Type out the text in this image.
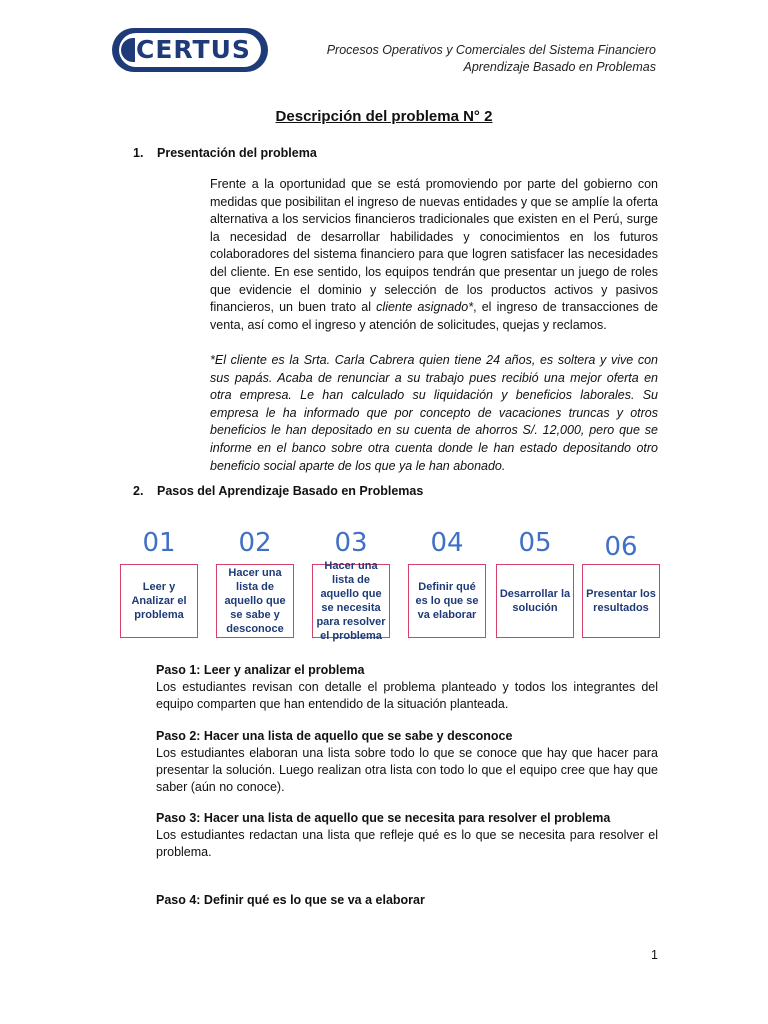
CERTUS	Procesos Operativos y Comerciales del Sistema Financiero
Aprendizaje Basado en Problemas
Descripción del problema N° 2
1. Presentación del problema

Frente a la oportunidad que se está promoviendo por parte del gobierno con medidas que posibilitan el ingreso de nuevas entidades y que se amplíe la oferta alternativa a los servicios financieros tradicionales que existen en el Perú, surge la necesidad de desarrollar habilidades y conocimientos en los futuros colaboradores del sistema financiero para que logren satisfacer las necesidades del cliente. En ese sentido, los equipos tendrán que presentar un juego de roles que evidencie el dominio y selección de los productos activos y pasivos financieros, un buen trato al cliente asignado*, el ingreso de transacciones de venta, así como el ingreso y atención de solicitudes, quejas y reclamos.

*El cliente es la Srta. Carla Cabrera quien tiene 24 años, es soltera y vive con sus papás. Acaba de renunciar a su trabajo pues recibió una mejor oferta en otra empresa. Le han calculado su liquidación y beneficios laborales. Su empresa le ha informado que por concepto de vacaciones truncas y otros beneficios le han depositado en su cuenta de ahorros S/. 12,000, pero que se informe en el banco sobre otra cuenta donde le han estado depositando otro beneficio social aparte de los que ya le han abonado.

2. Pasos del Aprendizaje Basado en Problemas
01
Leer y Analizar el problema
02
Hacer una lista de aquello que se sabe y desconoce
03
Hacer una lista de aquello que se necesita para resolver el problema
04
Definir qué es lo que se va elaborar
05
Desarrollar la solución
06
Presentar los resultados
Paso 1: Leer y analizar el problema
Los estudiantes revisan con detalle el problema planteado y todos los integrantes del equipo comparten que han entendido de la situación planteada.
Paso 2: Hacer una lista de aquello que se sabe y desconoce
Los estudiantes elaboran una lista sobre todo lo que se conoce que hay que hacer para presentar la solución. Luego realizan otra lista con todo lo que el equipo cree que hay que saber (aún no conoce).
Paso 3: Hacer una lista de aquello que se necesita para resolver el problema
Los estudiantes redactan una lista que refleje qué es lo que se necesita para resolver el problema.
Paso 4: Definir qué es lo que se va a elaborar
1
